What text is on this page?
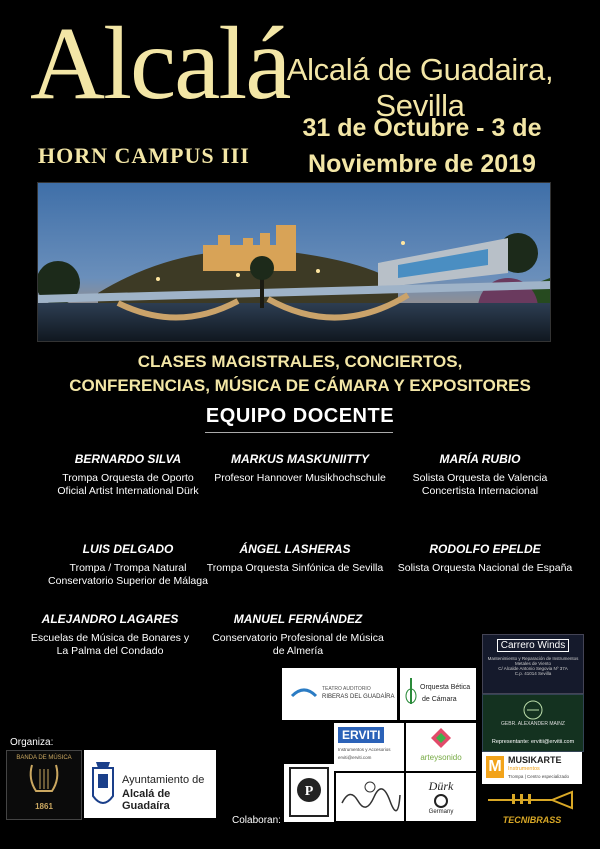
Alcalá
HORN CAMPUS III
Alcalá de Guadaira, Sevilla
31 de Octubre - 3 de
Noviembre de 2019
CLASES MAGISTRALES, CONCIERTOS,
CONFERENCIAS, MÚSICA DE CÁMARA Y EXPOSITORES
EQUIPO DOCENTE
BERNARDO SILVA
Trompa Orquesta de Oporto
Oficial Artist International Dürk
MARKUS MASKUNIITTY
Profesor Hannover Musikhochschule
MARÍA RUBIO
Solista Orquesta de Valencia
Concertista Internacional
LUIS DELGADO
Trompa / Trompa Natural
Conservatorio Superior de Málaga
ÁNGEL LASHERAS
Trompa Orquesta Sinfónica de Sevilla
RODOLFO EPELDE
Solista Orquesta Nacional de España
ALEJANDRO LAGARES
Escuelas de Música de Bonares y
La Palma del Condado
MANUEL FERNÁNDEZ
Conservatorio Profesional de Música
de Almería
Organiza:
BANDA DE MÚSICA
1861
Ayuntamiento de
Alcalá de Guadaíra
Colaboran:
Carrero Winds
Mantenimiento y Reparación de Instrumentos
Metales de Viento
C/ Alcalde Antonio Segovia Nº 37A
C.p. 41014 Sevilla
TEATRO AUDITORIO
RIBERAS DEL GUADAÍRA
Orquesta Bética
de Cámara
GEBR. ALEXANDER MAINZ
Representante: ervitii@ervitii.com
ERVITI
Instrumentos y Accesorios
erviti@erviti.com	arteysonido
M MUSIKARTE
Instrumentos
Trompa | Centro especializado
P	Dürk
Germany
TECNIBRASS
